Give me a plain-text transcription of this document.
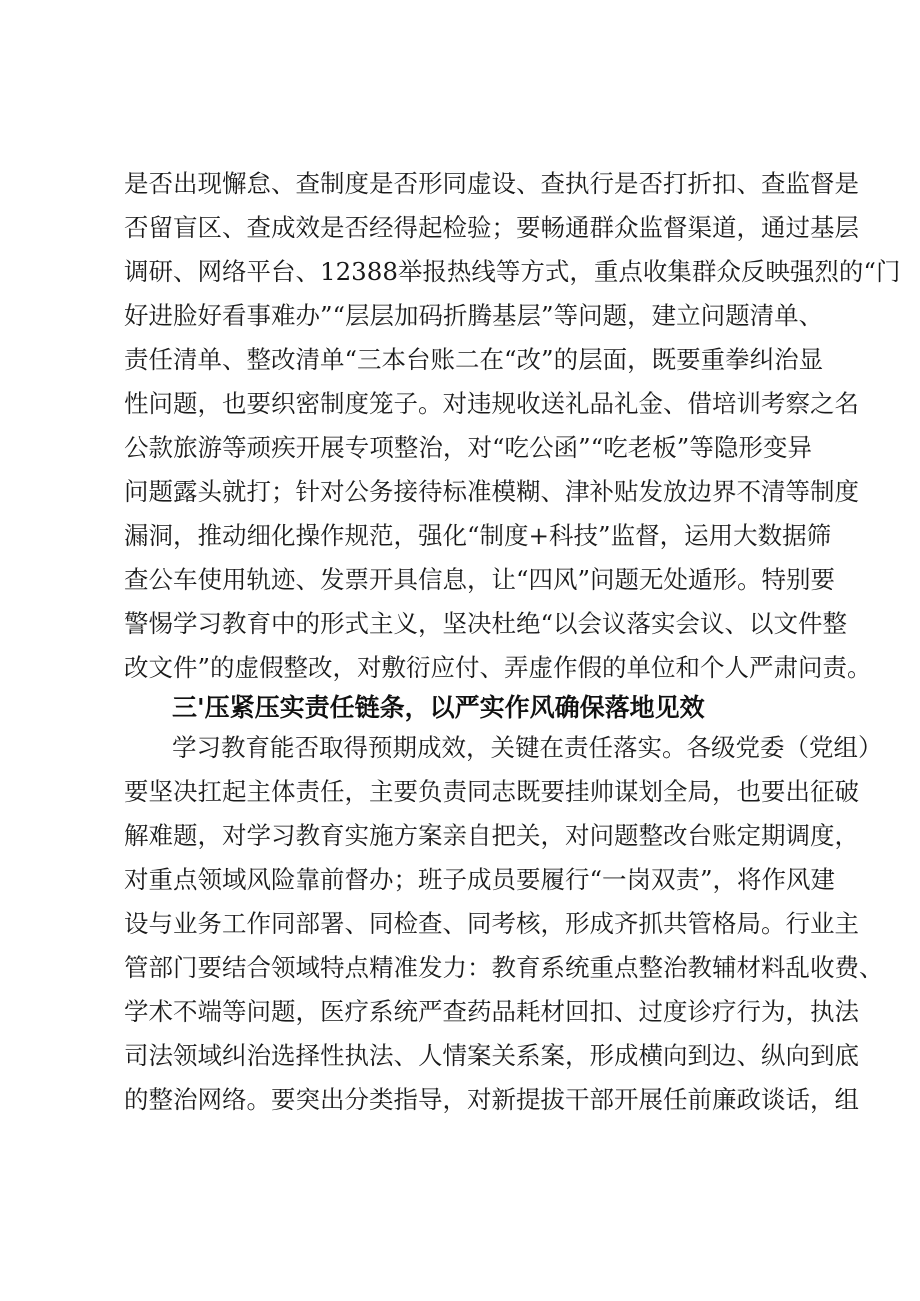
是否出现懈怠、查制度是否形同虚设、查执行是否打折扣、查监督是
否留盲区、查成效是否经得起检验；要畅通群众监督渠道，通过基层
调研、网络平台、12388举报热线等方式，重点收集群众反映强烈的“门
好进脸好看事难办”“层层加码折腾基层”等问题，建立问题清单、
责任清单、整改清单“三本台账二在“改”的层面，既要重拳纠治显
性问题，也要织密制度笼子。对违规收送礼品礼金、借培训考察之名
公款旅游等顽疾开展专项整治，对“吃公函”“吃老板”等隐形变异
问题露头就打；针对公务接待标准模糊、津补贴发放边界不清等制度
漏洞，推动细化操作规范，强化“制度+科技”监督，运用大数据筛
查公车使用轨迹、发票开具信息，让“四风”问题无处遁形。特别要
警惕学习教育中的形式主义，坚决杜绝“以会议落实会议、以文件整
改文件”的虚假整改，对敷衍应付、弄虚作假的单位和个人严肃问责。
三'压紧压实责任链条，以严实作风确保落地见效
学习教育能否取得预期成效，关键在责任落实。各级党委（党组）
要坚决扛起主体责任，主要负责同志既要挂帅谋划全局，也要出征破
解难题，对学习教育实施方案亲自把关，对问题整改台账定期调度，
对重点领域风险靠前督办；班子成员要履行“一岗双责”，将作风建
设与业务工作同部署、同检查、同考核，形成齐抓共管格局。行业主
管部门要结合领域特点精准发力：教育系统重点整治教辅材料乱收费、
学术不端等问题，医疗系统严查药品耗材回扣、过度诊疗行为，执法
司法领域纠治选择性执法、人情案关系案，形成横向到边、纵向到底
的整治网络。要突出分类指导，对新提拔干部开展任前廉政谈话，组
